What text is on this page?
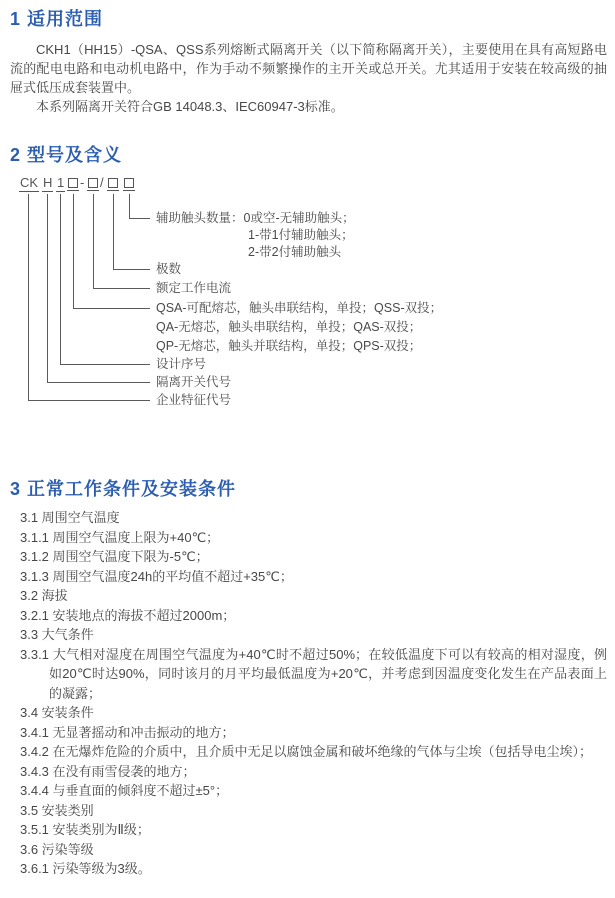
1 适用范围

CKH1（HH15）-QSA、QSS系列熔断式隔离开关（以下简称隔离开关），主要使用在具有高短路电流的配电电路和电动机电路中，作为手动不频繁操作的主开关或总开关。尤其适用于安装在较高级的抽屉式低压成套装置中。

本系列隔离开关符合GB 14048.3、IEC60947-3标准。

2 型号及含义
CK H 1 - /
辅助触头数量：0或空-无辅助触头；
1-带1付辅助触头；
2-带2付辅助触头
极数
额定工作电流
QSA-可配熔芯，触头串联结构，单投；QSS-双投；
QA-无熔芯，触头串联结构，单投；QAS-双投；
QP-无熔芯，触头并联结构，单投；QPS-双投；
设计序号
隔离开关代号
企业特征代号
3 正常工作条件及安装条件
3.1 周围空气温度
3.1.1 周围空气温度上限为+40℃；
3.1.2 周围空气温度下限为-5℃；
3.1.3 周围空气温度24h的平均值不超过+35℃；
3.2 海拔
3.2.1 安装地点的海拔不超过2000m；
3.3 大气条件
3.3.1 大气相对湿度在周围空气温度为+40℃时不超过50%；在较低温度下可以有较高的相对湿度，例如20℃时达90%，同时该月的月平均最低温度为+20℃，并考虑到因温度变化发生在产品表面上的凝露；
3.4 安装条件
3.4.1 无显著摇动和冲击振动的地方；
3.4.2 在无爆炸危险的介质中，且介质中无足以腐蚀金属和破坏绝缘的气体与尘埃（包括导电尘埃）；
3.4.3 在没有雨雪侵袭的地方；
3.4.4 与垂直面的倾斜度不超过±5°；
3.5 安装类别
3.5.1 安装类别为Ⅱ级；
3.6 污染等级
3.6.1 污染等级为3级。
